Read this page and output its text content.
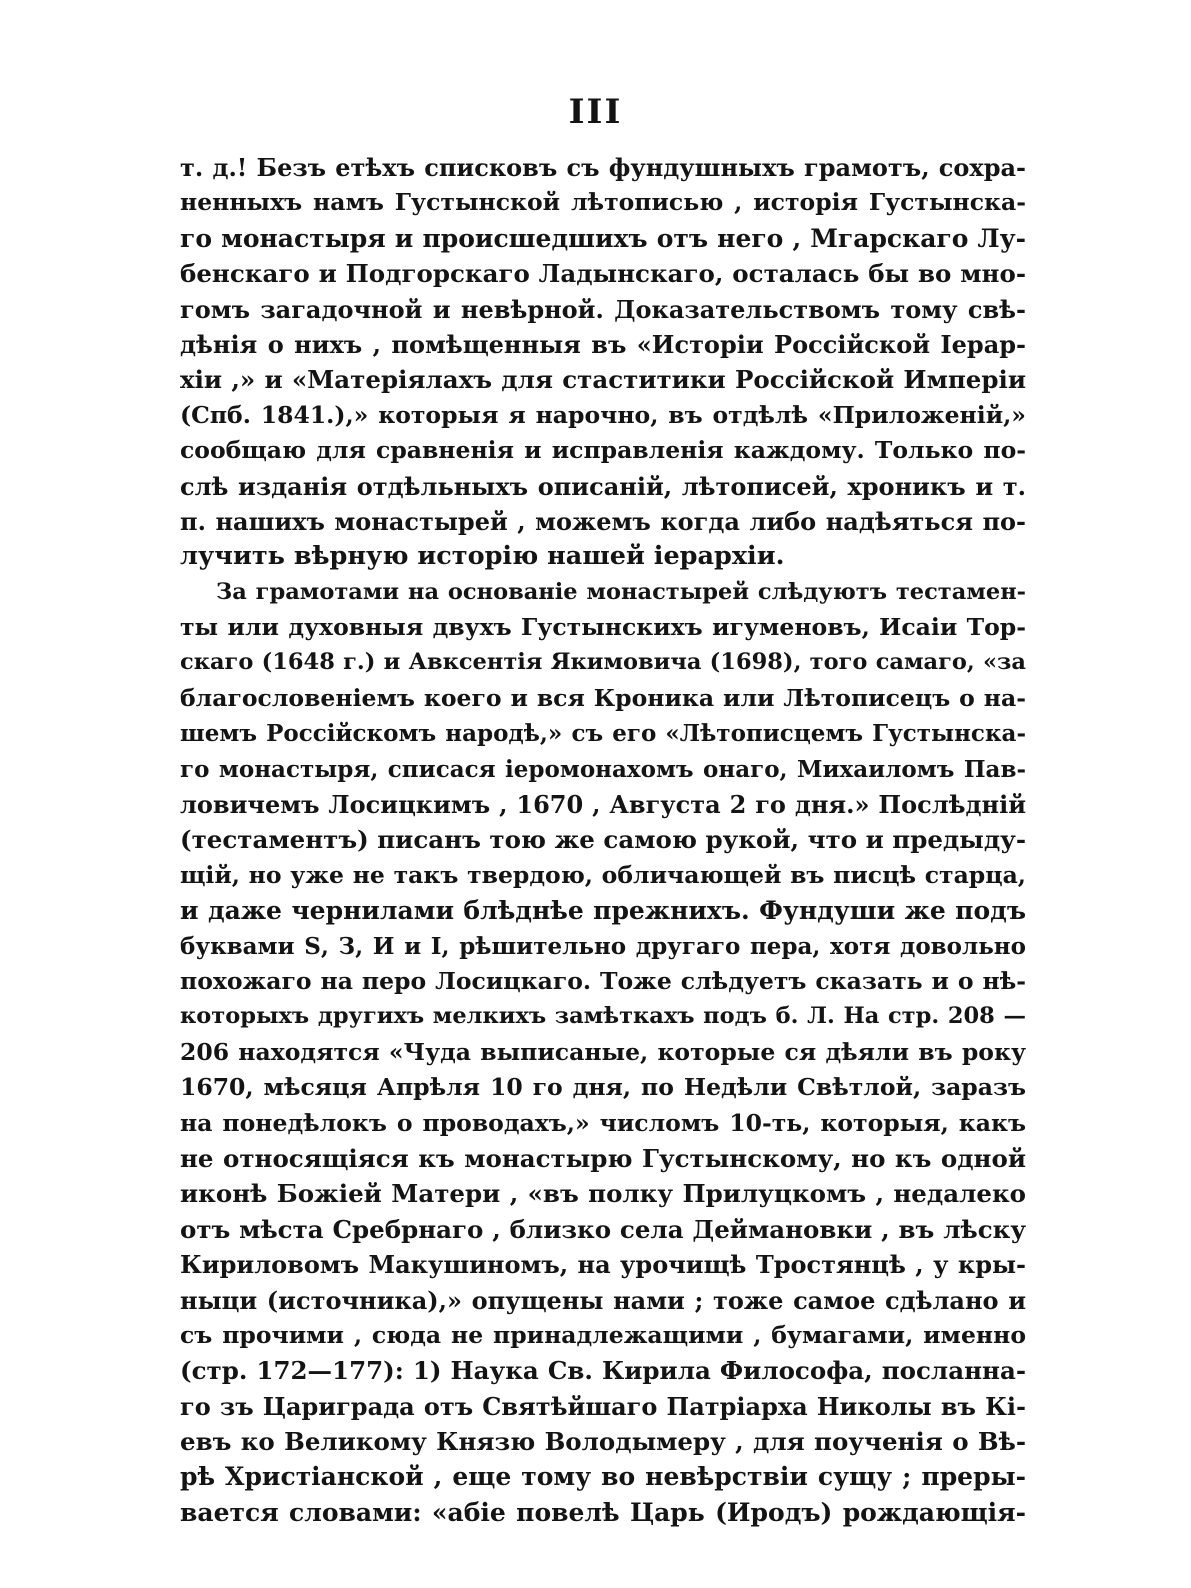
III
т. д.! Безъ етѣхъ списковъ съ фундушныхъ грамотъ, сохра-
ненныхъ намъ Густынской лѣтописью , исторія Густынска-
го монастыря и происшедшихъ отъ него , Мгарскаго Лу-
бенскаго и Подгорскаго Ладынскаго, осталась бы во мно-
гомъ загадочной и невѣрной. Доказательствомъ тому свѣ-
дѣнія о нихъ , помѣщенныя въ «Исторіи Россійской Іерар-
хіи ,» и «Матеріялахъ для стаститики Россійской Имперіи
(Спб. 1841.),» которыя я нарочно, въ отдѣлѣ «Приложеній,»
сообщаю для сравненія и исправленія каждому. Только по-
слѣ изданія отдѣльныхъ описаній, лѣтописей, хроникъ и т.
п. нашихъ монастырей , можемъ когда либо надѣяться по-
лучить вѣрную исторію нашей іерархіи.
За грамотами на основаніе монастырей слѣдуютъ тестамен-
ты или духовныя двухъ Густынскихъ игуменовъ, Исаіи Тор-
скаго (1648 г.) и Авксентія Якимовича (1698), того самаго, «за
благословеніемъ коего и вся Кроника или Лѣтописецъ о на-
шемъ Россійскомъ народѣ,» съ его «Лѣтописцемъ Густынска-
го монастыря, списася іеромонахомъ онаго, Михаиломъ Пав-
ловичемъ Лосицкимъ , 1670 , Августа 2 го дня.» Послѣдній
(тестаментъ) писанъ тою же самою рукой, что и предыду-
щій, но уже не такъ твердою, обличающей въ писцѣ старца,
и даже чернилами блѣднѣе прежнихъ. Фундуши же подъ
буквами Ѕ, З, И и І, рѣшительно другаго пера, хотя довольно
похожаго на перо Лосицкаго. Тоже слѣдуетъ сказать и о нѣ-
которыхъ другихъ мелкихъ замѣткахъ подъ б. Л. На стр. 208 —
206 находятся «Чуда выписаные, которые ся дѣяли въ року
1670, мѣсяця Апрѣля 10 го дня, по Недѣли Свѣтлой, заразъ
на понедѣлокъ о проводахъ,» числомъ 10-ть, которыя, какъ
не относящіяся къ монастырю Густынскому, но къ одной
иконѣ Божіей Матери , «въ полку Прилуцкомъ , недалеко
отъ мѣста Сребрнаго , близко села Деймановки , въ лѣску
Кириловомъ Макушиномъ, на урочищѣ Тростянцѣ , у кры-
ныци (источника),» опущены нами ; тоже самое сдѣлано и
съ прочими , сюда не принадлежащими , бумагами, именно
(стр. 172—177): 1) Наука Св. Кирила Философа, посланна-
го зъ Цариграда отъ Святѣйшаго Патріарха Николы въ Кі-
евъ ко Великому Князю Володымеру , для поученія о Вѣ-
рѣ Христіанской , еще тому во невѣрствіи сущу ; преры-
вается словами: «абіе повелѣ Царь (Иродъ) рождающія-
